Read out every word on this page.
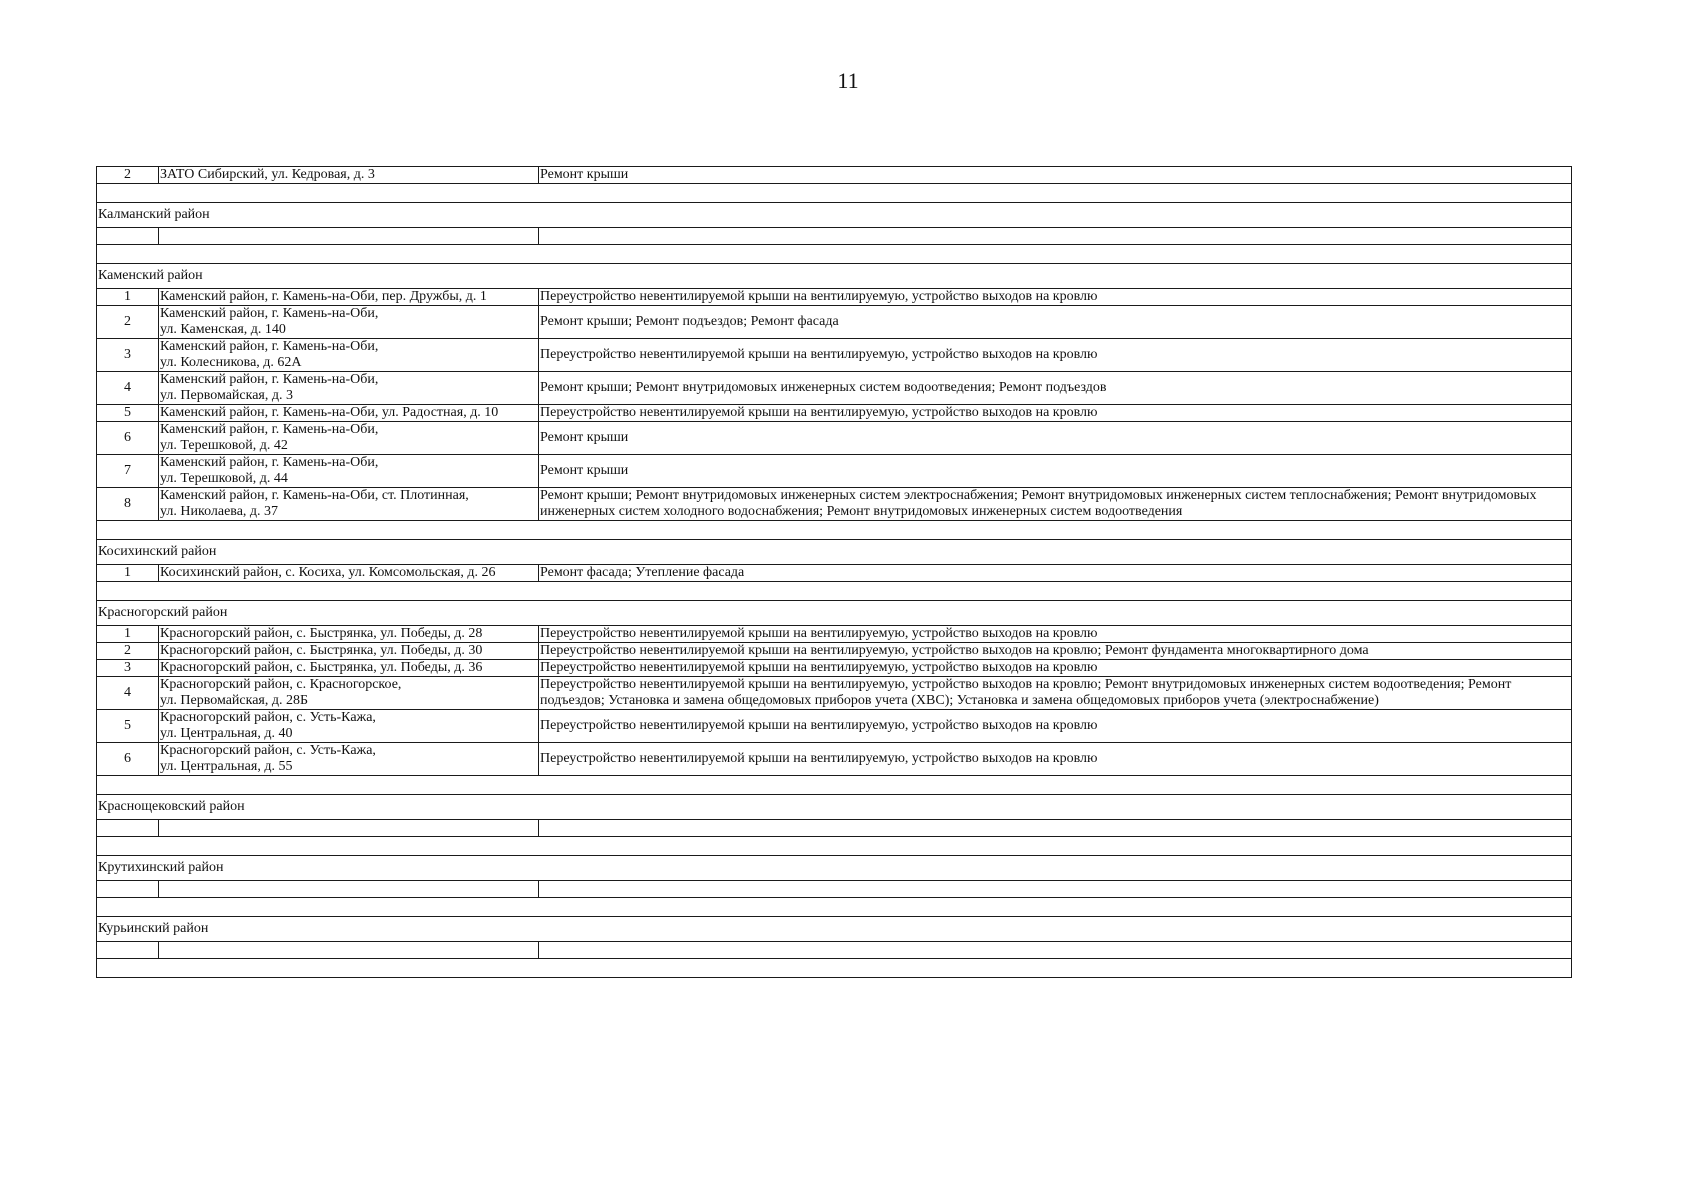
11
2	ЗАТО Сибирский, ул. Кедровая, д. 3	Ремонт крыши

Калманский район		

Каменский район		
1	Каменский район, г. Камень-на-Оби, пер. Дружбы, д. 1	Переустройство невентилируемой крыши на вентилируемую, устройство выходов на кровлю
2	Каменский район, г. Камень-на-Оби,
ул. Каменская, д. 140	Ремонт крыши; Ремонт подъездов; Ремонт фасада
3	Каменский район, г. Камень-на-Оби,
ул. Колесникова, д. 62А	Переустройство невентилируемой крыши на вентилируемую, устройство выходов на кровлю
4	Каменский район, г. Камень-на-Оби,
ул. Первомайская, д. 3	Ремонт крыши; Ремонт внутридомовых инженерных систем водоотведения; Ремонт подъездов
5	Каменский район, г. Камень-на-Оби, ул. Радостная, д. 10	Переустройство невентилируемой крыши на вентилируемую, устройство выходов на кровлю
6	Каменский район, г. Камень-на-Оби,
ул. Терешковой, д. 42	Ремонт крыши
7	Каменский район, г. Камень-на-Оби,
ул. Терешковой, д. 44	Ремонт крыши
8	Каменский район, г. Камень-на-Оби, ст. Плотинная,
ул. Николаева, д. 37	Ремонт крыши; Ремонт внутридомовых инженерных систем электроснабжения; Ремонт внутридомовых инженерных систем теплоснабжения; Ремонт внутридомовых инженерных систем холодного водоснабжения; Ремонт внутридомовых инженерных систем водоотведения

Косихинский район		
1	Косихинский район, с. Косиха, ул. Комсомольская, д. 26	Ремонт фасада; Утепление фасада

Красногорский район		
1	Красногорский район, с. Быстрянка, ул. Победы, д. 28	Переустройство невентилируемой крыши на вентилируемую, устройство выходов на кровлю
2	Красногорский район, с. Быстрянка, ул. Победы, д. 30	Переустройство невентилируемой крыши на вентилируемую, устройство выходов на кровлю; Ремонт фундамента многоквартирного дома
3	Красногорский район, с. Быстрянка, ул. Победы, д. 36	Переустройство невентилируемой крыши на вентилируемую, устройство выходов на кровлю
4	Красногорский район, с. Красногорское,
ул. Первомайская, д. 28Б	Переустройство невентилируемой крыши на вентилируемую, устройство выходов на кровлю; Ремонт внутридомовых инженерных систем водоотведения; Ремонт подъездов; Установка и замена общедомовых приборов учета (ХВС); Установка и замена общедомовых приборов учета (электроснабжение)
5	Красногорский район, с. Усть-Кажа,
ул. Центральная, д. 40	Переустройство невентилируемой крыши на вентилируемую, устройство выходов на кровлю
6	Красногорский район, с. Усть-Кажа,
ул. Центральная, д. 55	Переустройство невентилируемой крыши на вентилируемую, устройство выходов на кровлю

Краснощековский район		

Крутихинский район		

Курьинский район		
